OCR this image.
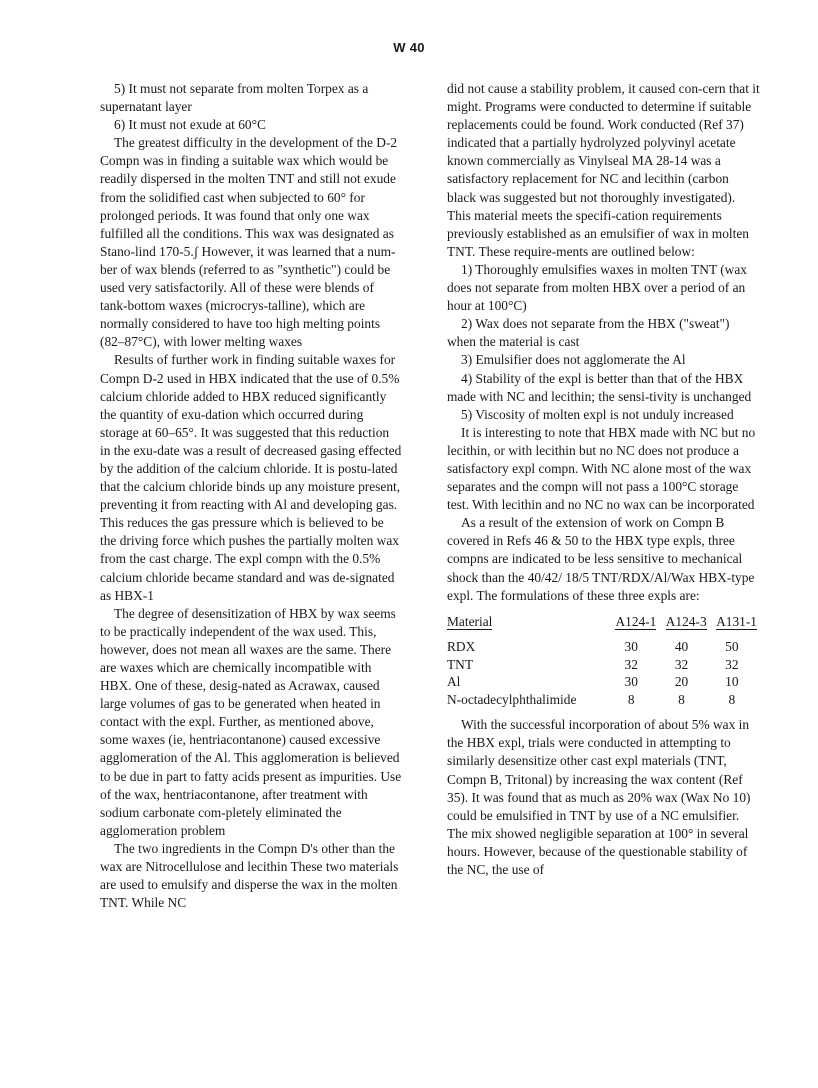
W 40

5) It must not separate from molten Torpex as a supernatant layer

6) It must not exude at 60°C

The greatest difficulty in the development of the D-2 Compn was in finding a suitable wax which would be readily dispersed in the molten TNT and still not exude from the solidified cast when subjected to 60° for prolonged periods. It was found that only one wax fulfilled all the conditions. This wax was designated as Stano-lind 170-5.ʃ However, it was learned that a num-ber of wax blends (referred to as "synthetic") could be used very satisfactorily. All of these were blends of tank-bottom waxes (microcrys-talline), which are normally considered to have too high melting points (82–87°C), with lower melting waxes

Results of further work in finding suitable waxes for Compn D-2 used in HBX indicated that the use of 0.5% calcium chloride added to HBX reduced significantly the quantity of exu-dation which occurred during storage at 60–65°. It was suggested that this reduction in the exu-date was a result of decreased gasing effected by the addition of the calcium chloride. It is postu-lated that the calcium chloride binds up any moisture present, preventing it from reacting with Al and developing gas. This reduces the gas pressure which is believed to be the driving force which pushes the partially molten wax from the cast charge. The expl compn with the 0.5% calcium chloride became standard and was de-signated as HBX-1

The degree of desensitization of HBX by wax seems to be practically independent of the wax used. This, however, does not mean all waxes are the same. There are waxes which are chemically incompatible with HBX. One of these, desig-nated as Acrawax, caused large volumes of gas to be generated when heated in contact with the expl. Further, as mentioned above, some waxes (ie, hentriacontanone) caused excessive agglomeration of the Al. This agglomeration is believed to be due in part to fatty acids present as impurities. Use of the wax, hentriacontanone, after treatment with sodium carbonate com-pletely eliminated the agglomeration problem

The two ingredients in the Compn D's other than the wax are Nitrocellulose and lecithin These two materials are used to emulsify and disperse the wax in the molten TNT. While NC

did not cause a stability problem, it caused con-cern that it might. Programs were conducted to determine if suitable replacements could be found. Work conducted (Ref 37) indicated that a partially hydrolyzed polyvinyl acetate known commercially as Vinylseal MA 28-14 was a satisfactory replacement for NC and lecithin (carbon black was suggested but not thoroughly investigated). This material meets the specifi-cation requirements previously established as an emulsifier of wax in molten TNT. These require-ments are outlined below:

1) Thoroughly emulsifies waxes in molten TNT (wax does not separate from molten HBX over a period of an hour at 100°C)

2) Wax does not separate from the HBX ("sweat") when the material is cast

3) Emulsifier does not agglomerate the Al

4) Stability of the expl is better than that of the HBX made with NC and lecithin; the sensi-tivity is unchanged

5) Viscosity of molten expl is not unduly increased

It is interesting to note that HBX made with NC but no lecithin, or with lecithin but no NC does not produce a satisfactory expl compn. With NC alone most of the wax separates and the compn will not pass a 100°C storage test. With lecithin and no NC no wax can be incorporated

As a result of the extension of work on Compn B covered in Refs 46 & 50 to the HBX type expls, three compns are indicated to be less sensitive to mechanical shock than the 40/42/ 18/5 TNT/RDX/Al/Wax HBX-type expl. The formulations of these three expls are:

Material	A124-1	A124-3	A131-1

RDX	30	40	50
TNT	32	32	32
Al	30	20	10
N-octadecylphthalimide	8	8	8

With the successful incorporation of about 5% wax in the HBX expl, trials were conducted in attempting to similarly desensitize other cast expl materials (TNT, Compn B, Tritonal) by increasing the wax content (Ref 35). It was found that as much as 20% wax (Wax No 10) could be emulsified in TNT by use of a NC emulsifier. The mix showed negligible separation at 100° in several hours. However, because of the questionable stability of the NC, the use of
